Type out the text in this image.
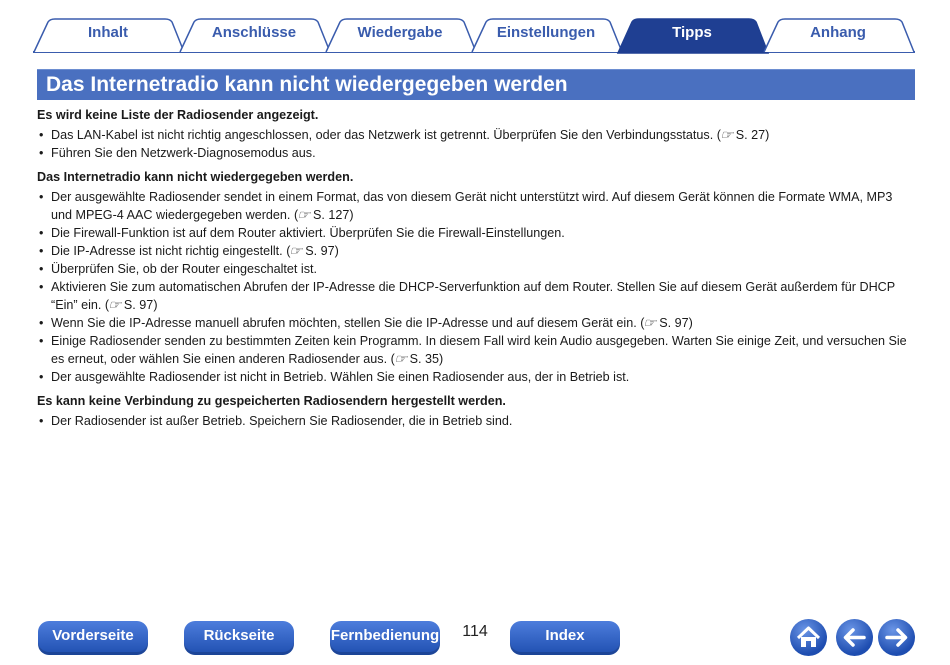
Inhalt	Anschlüsse	Wiedergabe	Einstellungen	Tipps	Anhang
Das Internetradio kann nicht wiedergegeben werden

Es wird keine Liste der Radiosender angezeigt.

• Das LAN-Kabel ist nicht richtig angeschlossen, oder das Netzwerk ist getrennt. Überprüfen Sie den Verbindungsstatus. (☞ S. 27)
• Führen Sie den Netzwerk-Diagnosemodus aus.

Das Internetradio kann nicht wiedergegeben werden.

• Der ausgewählte Radiosender sendet in einem Format, das von diesem Gerät nicht unterstützt wird. Auf diesem Gerät können die Formate WMA, MP3 und MPEG-4 AAC wiedergegeben werden. (☞ S. 127)
• Die Firewall-Funktion ist auf dem Router aktiviert. Überprüfen Sie die Firewall-Einstellungen.
• Die IP-Adresse ist nicht richtig eingestellt. (☞ S. 97)
• Überprüfen Sie, ob der Router eingeschaltet ist.
• Aktivieren Sie zum automatischen Abrufen der IP-Adresse die DHCP-Serverfunktion auf dem Router. Stellen Sie auf diesem Gerät außerdem für DHCP “Ein” ein. (☞ S. 97)
• Wenn Sie die IP-Adresse manuell abrufen möchten, stellen Sie die IP-Adresse und auf diesem Gerät ein. (☞ S. 97)
• Einige Radiosender senden zu bestimmten Zeiten kein Programm. In diesem Fall wird kein Audio ausgegeben. Warten Sie einige Zeit, und versuchen Sie es erneut, oder wählen Sie einen anderen Radiosender aus. (☞ S. 35)
• Der ausgewählte Radiosender ist nicht in Betrieb. Wählen Sie einen Radiosender aus, der in Betrieb ist.

Es kann keine Verbindung zu gespeicherten Radiosendern hergestellt werden.

• Der Radiosender ist außer Betrieb. Speichern Sie Radiosender, die in Betrieb sind.
Vorderseite	Rückseite	Fernbedienung	114	Index
